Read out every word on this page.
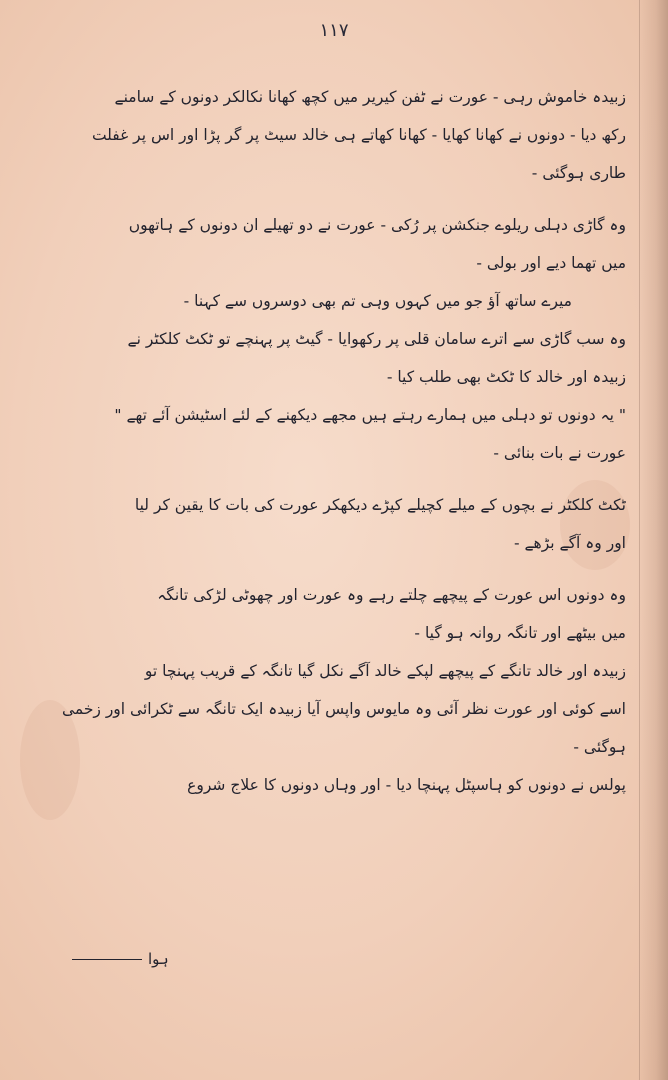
۱۱۷
زبیدہ خاموش رہی - عورت نے ٹفن کیریر میں کچھ کھانا نکالکر دونوں کے سامنے
رکھ دیا - دونوں نے کھانا کھایا - کھانا کھاتے ہی خالد سیٹ پر گر پڑا اور اس پر غفلت
طاری ہوگئی -
وہ گاڑی دہلی ریلوے جنکشن پر رُکی - عورت نے دو تھیلے ان دونوں کے ہاتھوں
میں تھما دیے اور بولی -
میرے ساتھ آؤ جو میں کہوں وہی تم بھی دوسروں سے کہنا -
وہ سب گاڑی سے اترے سامان قلی پر رکھوایا - گیٹ پر پہنچے تو ٹکٹ کلکٹر نے
زبیدہ اور خالد کا ٹکٹ بھی طلب کیا -
" یہ دونوں تو دہلی میں ہمارے رہتے ہیں مجھے دیکھنے کے لئے اسٹیشن آئے تھے "
عورت نے بات بنائی -
ٹکٹ کلکٹر نے بچوں کے میلے کچیلے کپڑے دیکھکر عورت کی بات کا یقین کر لیا
اور وہ آگے بڑھے -
وہ دونوں اس عورت کے پیچھے چلتے رہے وہ عورت اور چھوٹی لڑکی تانگہ
میں بیٹھے اور تانگہ روانہ ہو گیا -
زبیدہ اور خالد تانگے کے پیچھے لپکے خالد آگے نکل گیا تانگہ کے قریب پہنچا تو
اسے کوئی اور عورت نظر آئی وہ مایوس واپس آیا زبیدہ ایک تانگہ سے ٹکرائی اور زخمی
ہوگئی -
پولس نے دونوں کو ہاسپٹل پہنچا دیا - اور وہاں دونوں کا علاج شروع
ہوا
